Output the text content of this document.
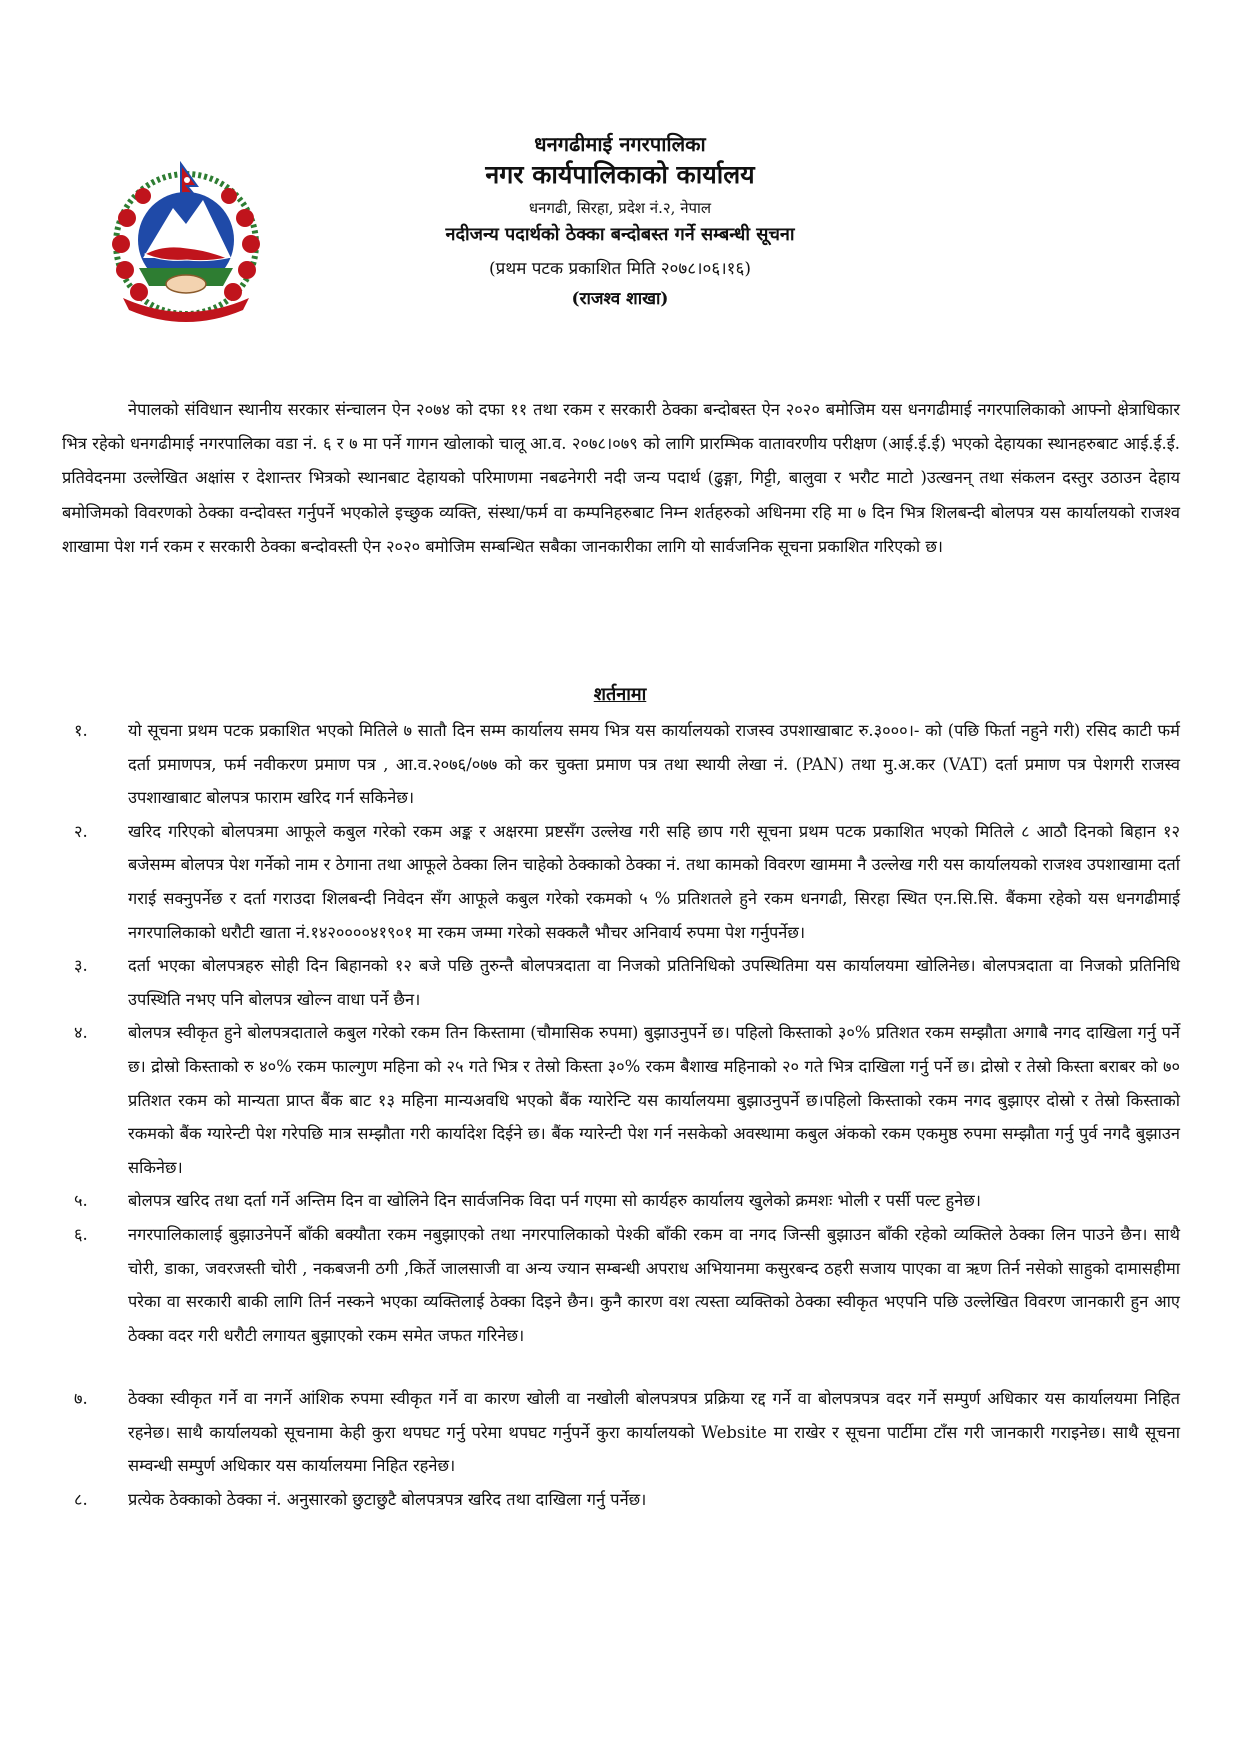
धनगढीमाई नगरपालिका
नगर कार्यपालिकाको कार्यालय
धनगढी, सिरहा, प्रदेश नं.२, नेपाल
नदीजन्य पदार्थको ठेक्का बन्दोबस्त गर्ने सम्बन्धी सूचना
(प्रथम पटक प्रकाशित मिति २०७८।०६।१६)
(राजश्व शाखा)

नेपालको संविधान स्थानीय सरकार संन्चालन ऐन २०७४ को दफा ११ तथा रकम र सरकारी ठेक्का बन्दोबस्त ऐन २०२० बमोजिम यस धनगढीमाई नगरपालिकाको आफ्नो क्षेत्राधिकार भित्र रहेको धनगढीमाई नगरपालिका वडा नं. ६ र ७ मा पर्ने गागन खोलाको चालू आ.व. २०७८।०७९ को लागि प्रारम्भिक वातावरणीय परीक्षण (आई.ई.ई) भएको देहायका स्थानहरुबाट आई.ई.ई. प्रतिवेदनमा उल्लेखित अक्षांस र देशान्तर भित्रको स्थानबाट देहायको परिमाणमा नबढनेगरी नदी जन्य पदार्थ (ढुङ्गा, गिट्टी, बालुवा र भरौट माटो )उत्खनन् तथा संकलन दस्तुर उठाउन देहाय बमोजिमको विवरणको ठेक्का वन्दोवस्त गर्नुपर्ने भएकोले इच्छुक व्यक्ति, संस्था/फर्म वा कम्पनिहरुबाट निम्न शर्तहरुको अधिनमा रहि मा ७ दिन भित्र शिलबन्दी बोलपत्र यस कार्यालयको राजश्व शाखामा पेश गर्न रकम र सरकारी ठेक्का बन्दोवस्ती ऐन २०२० बमोजिम सम्बन्धित सबैका जानकारीका लागि यो सार्वजनिक सूचना प्रकाशित गरिएको छ।

शर्तनामा
१.	यो सूचना प्रथम पटक प्रकाशित भएको मितिले ७ सातौ दिन सम्म कार्यालय समय भित्र यस कार्यालयको राजस्व उपशाखाबाट रु.३०००।- को (पछि फिर्ता नहुने गरी) रसिद काटी फर्म दर्ता प्रमाणपत्र, फर्म नवीकरण प्रमाण पत्र , आ.व.२०७६/०७७ को कर चुक्ता प्रमाण पत्र तथा स्थायी लेखा नं. (PAN) तथा मु.अ.कर (VAT) दर्ता प्रमाण पत्र पेशगरी राजस्व उपशाखाबाट बोलपत्र फाराम खरिद गर्न सकिनेछ।
२.	खरिद गरिएको बोलपत्रमा आफूले कबुल गरेको रकम अङ्क र अक्षरमा प्रष्टसँग उल्लेख गरी सहि छाप गरी सूचना प्रथम पटक प्रकाशित भएको मितिले ८ आठौ दिनको बिहान १२ बजेसम्म बोलपत्र पेश गर्नेको नाम र ठेगाना तथा आफूले ठेक्का लिन चाहेको ठेक्काको ठेक्का नं. तथा कामको विवरण खाममा नै उल्लेख गरी यस कार्यालयको राजश्व उपशाखामा दर्ता गराई सक्नुपर्नेछ र दर्ता गराउदा शिलबन्दी निवेदन सँग आफूले कबुल गरेको रकमको ५ % प्रतिशतले हुने रकम धनगढी, सिरहा स्थित एन.सि.सि. बैंकमा रहेको यस धनगढीमाई नगरपालिकाको धरौटी खाता नं.१४२००००४१९०१ मा रकम जम्मा गरेको सक्कलै भौचर अनिवार्य रुपमा पेश गर्नुपर्नेछ।
३.	दर्ता भएका बोलपत्रहरु सोही दिन बिहानको १२ बजे पछि तुरुन्तै बोलपत्रदाता वा निजको प्रतिनिधिको उपस्थितिमा यस कार्यालयमा खोलिनेछ। बोलपत्रदाता वा निजको प्रतिनिधि उपस्थिति नभए पनि बोलपत्र खोल्न वाधा पर्ने छैन।
४.	बोलपत्र स्वीकृत हुने बोलपत्रदाताले कबुल गरेको रकम तिन किस्तामा (चौमासिक रुपमा) बुझाउनुपर्ने छ। पहिलो किस्ताको ३०% प्रतिशत रकम सम्झौता अगाबै नगद दाखिला गर्नु पर्ने छ। द्रोस्रो किस्ताको रु ४०% रकम फाल्गुण महिना को २५ गते भित्र र तेस्रो किस्ता ३०% रकम बैशाख महिनाको २० गते भित्र दाखिला गर्नु पर्ने छ। द्रोस्रो र तेस्रो किस्ता बराबर को ७० प्रतिशत रकम को मान्यता प्राप्त बैंक बाट १३ महिना मान्यअवधि भएको बैंक ग्यारेन्टि यस कार्यालयमा बुझाउनुपर्ने छ।पहिलो किस्ताको रकम नगद बुझाएर दोस्रो र तेस्रो किस्ताको रकमको बैंक ग्यारेन्टी पेश गरेपछि मात्र सम्झौता गरी कार्यादेश दिईने छ। बैंक ग्यारेन्टी पेश गर्न नसकेको अवस्थामा कबुल अंकको रकम एकमुष्ठ रुपमा सम्झौता गर्नु पुर्व नगदै बुझाउन सकिनेछ।
५.	बोलपत्र खरिद तथा दर्ता गर्ने अन्तिम दिन वा खोलिने दिन सार्वजनिक विदा पर्न गएमा सो कार्यहरु कार्यालय खुलेको क्रमशः भोली र पर्सी पल्ट हुनेछ।
६.	नगरपालिकालाई बुझाउनेपर्ने बाँकी बक्यौता रकम नबुझाएको तथा नगरपालिकाको पेश्की बाँकी रकम वा नगद जिन्सी बुझाउन बाँकी रहेको व्यक्तिले ठेक्का लिन पाउने छैन। साथै चोरी, डाका, जवरजस्ती चोरी , नकबजनी ठगी ,किर्ते जालसाजी वा अन्य ज्यान सम्बन्धी अपराध अभियानमा कसुरबन्द ठहरी सजाय पाएका वा ऋण तिर्न नसेको साहुको दामासहीमा परेका वा सरकारी बाकी लागि तिर्न नस्कने भएका व्यक्तिलाई ठेक्का दिइने छैन। कुनै कारण वश त्यस्ता व्यक्तिको ठेक्का स्वीकृत भएपनि पछि उल्लेखित विवरण जानकारी हुन आए ठेक्का वदर गरी धरौटी लगायत बुझाएको रकम समेत जफत गरिनेछ।
७.	ठेक्का स्वीकृत गर्ने वा नगर्ने आंशिक रुपमा स्वीकृत गर्ने वा कारण खोली वा नखोली बोलपत्रपत्र प्रक्रिया रद्द गर्ने वा बोलपत्रपत्र वदर गर्ने सम्पुर्ण अधिकार यस कार्यालयमा निहित रहनेछ। साथै कार्यालयको सूचनामा केही कुरा थपघट गर्नु परेमा थपघट गर्नुपर्ने कुरा कार्यालयको Website मा राखेर र सूचना पार्टीमा टाँस गरी जानकारी गराइनेछ। साथै सूचना सम्वन्धी सम्पुर्ण अधिकार यस कार्यालयमा निहित रहनेछ।
८.	प्रत्येक ठेक्काको ठेक्का नं. अनुसारको छुटाछुटै बोलपत्रपत्र खरिद तथा दाखिला गर्नु पर्नेछ।
